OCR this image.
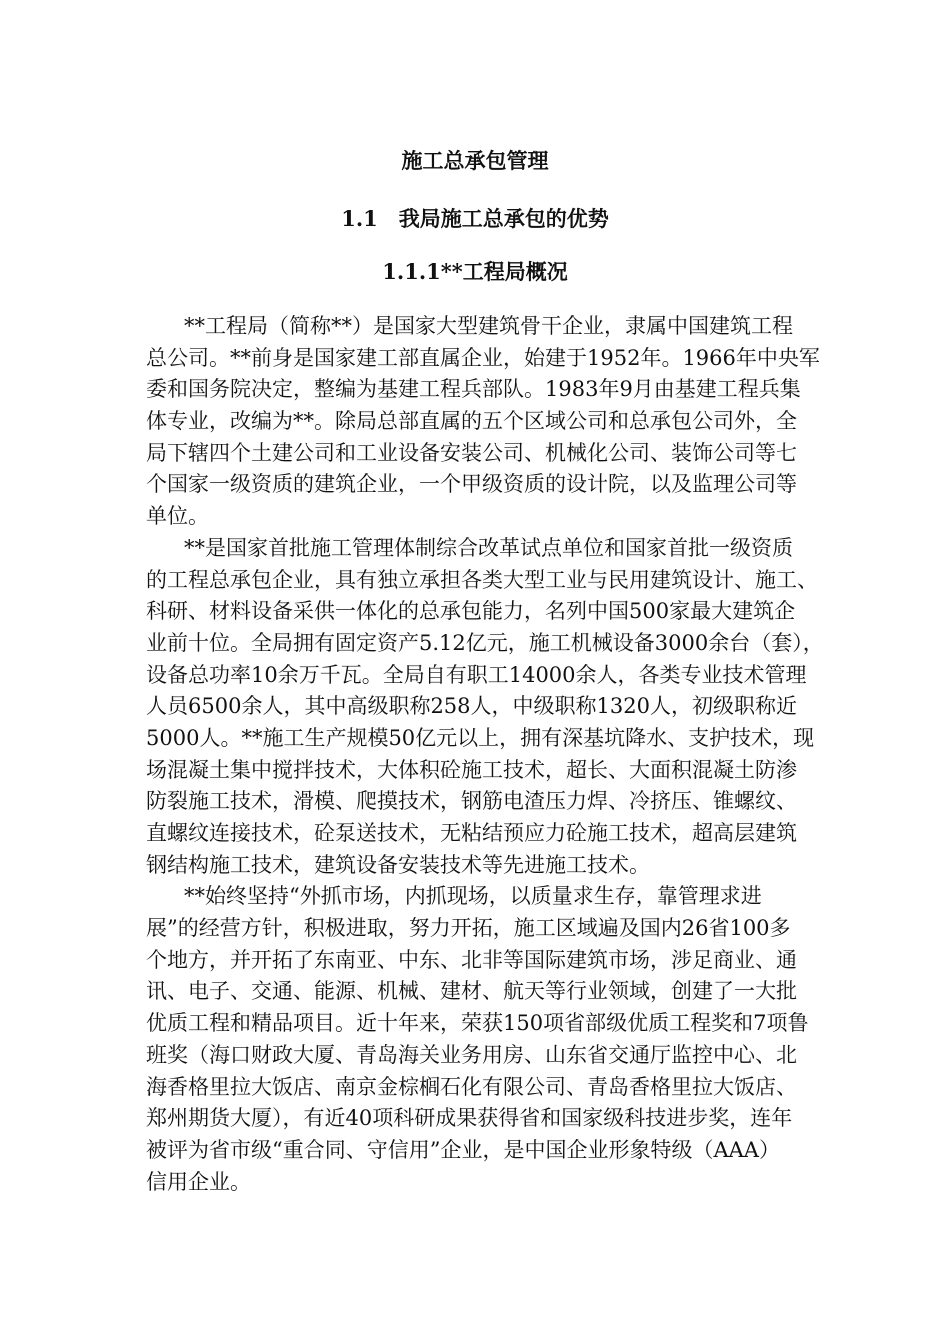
施工总承包管理
1.1　我局施工总承包的优势
1.1.1**工程局概况
**工程局（简称**）是国家大型建筑骨干企业，隶属中国建筑工程
总公司。**前身是国家建工部直属企业，始建于1952年。1966年中央军
委和国务院决定，整编为基建工程兵部队。1983年9月由基建工程兵集
体专业，改编为**。除局总部直属的五个区域公司和总承包公司外，全
局下辖四个土建公司和工业设备安装公司、机械化公司、装饰公司等七
个国家一级资质的建筑企业，一个甲级资质的设计院，以及监理公司等
单位。
**是国家首批施工管理体制综合改革试点单位和国家首批一级资质
的工程总承包企业，具有独立承担各类大型工业与民用建筑设计、施工、
科研、材料设备采供一体化的总承包能力，名列中国500家最大建筑企
业前十位。全局拥有固定资产5.12亿元，施工机械设备3000余台（套），
设备总功率10余万千瓦。全局自有职工14000余人，各类专业技术管理
人员6500余人，其中高级职称258人，中级职称1320人，初级职称近
5000人。**施工生产规模50亿元以上，拥有深基坑降水、支护技术，现
场混凝土集中搅拌技术，大体积砼施工技术，超长、大面积混凝土防渗
防裂施工技术，滑模、爬摸技术，钢筋电渣压力焊、冷挤压、锥螺纹、
直螺纹连接技术，砼泵送技术，无粘结预应力砼施工技术，超高层建筑
钢结构施工技术，建筑设备安装技术等先进施工技术。
**始终坚持“外抓市场，内抓现场，以质量求生存，靠管理求进
展”的经营方针，积极进取，努力开拓，施工区域遍及国内26省100多
个地方，并开拓了东南亚、中东、北非等国际建筑市场，涉足商业、通
讯、电子、交通、能源、机械、建材、航天等行业领域，创建了一大批
优质工程和精品项目。近十年来，荣获150项省部级优质工程奖和7项鲁
班奖（海口财政大厦、青岛海关业务用房、山东省交通厅监控中心、北
海香格里拉大饭店、南京金棕榈石化有限公司、青岛香格里拉大饭店、
郑州期货大厦），有近40项科研成果获得省和国家级科技进步奖，连年
被评为省市级“重合同、守信用”企业，是中国企业形象特级（AAA）
信用企业。
